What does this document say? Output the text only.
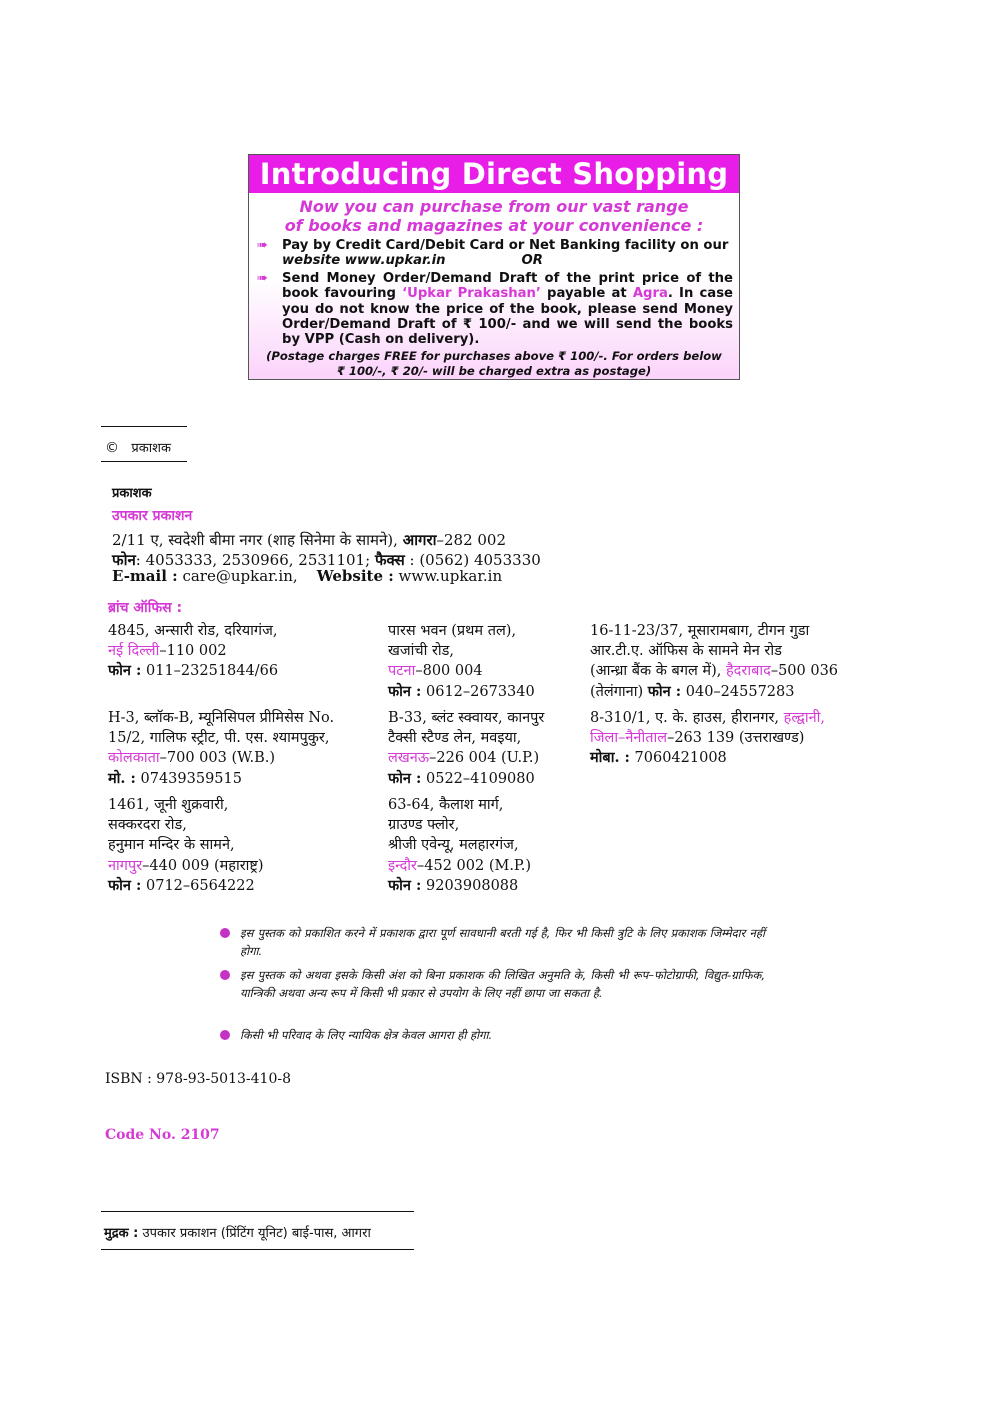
Introducing Direct Shopping
Now you can purchase from our vast range
of books and magazines at your convenience :
➠ Pay by Credit Card/Debit Card or Net Banking facility on our
website www.upkar.in	OR
➠ Send Money Order/Demand Draft of the print price of the book favouring ‘Upkar Prakashan’ payable at Agra. In case you do not know the price of the book, please send Money Order/Demand Draft of ₹ 100/- and we will send the books by VPP (Cash on delivery).
(Postage charges FREE for purchases above ₹ 100/-. For orders below
₹ 100/-, ₹ 20/- will be charged extra as postage)
© प्रकाशक
प्रकाशक
उपकार प्रकाशन
2/11 ए, स्वदेशी बीमा नगर (शाह सिनेमा के सामने), आगरा–282 002
फोन: 4053333, 2530966, 2531101; फैक्स : (0562) 4053330
E-mail : care@upkar.in, Website : www.upkar.in
ब्रांच ऑफिस :
4845, अन्सारी रोड, दरियागंज,
नई दिल्ली–110 002
फोन : 011–23251844/66
पारस भवन (प्रथम तल),
खजांची रोड,
पटना–800 004
फोन : 0612–2673340
16-11-23/37, मूसारामबाग, टीगन गुडा
आर.टी.ए. ऑफिस के सामने मेन रोड
(आन्ध्रा बैंक के बगल में), हैदराबाद–500 036
(तेलंगाना) फोन : 040–24557283
H-3, ब्लॉक-B, म्यूनिसिपल प्रीमिसेस No.
15/2, गालिफ स्ट्रीट, पी. एस. श्यामपुकुर,
कोलकाता–700 003 (W.B.)
मो. : 07439359515
B-33, ब्लंट स्क्वायर, कानपुर
टैक्सी स्टैण्ड लेन, मवइया,
लखनऊ–226 004 (U.P.)
फोन : 0522–4109080
8-310/1, ए. के. हाउस, हीरानगर, हल्द्वानी,
जिला–नैनीताल–263 139 (उत्तराखण्ड)
मोबा. : 7060421008
1461, जूनी शुक्रवारी,
सक्करदरा रोड,
हनुमान मन्दिर के सामने,
नागपुर–440 009 (महाराष्ट्र)
फोन : 0712–6564222
63-64, कैलाश मार्ग,
ग्राउण्ड फ्लोर,
श्रीजी एवेन्यू, मलहारगंज,
इन्दौर–452 002 (M.P.)
फोन : 9203908088
इस पुस्तक को प्रकाशित करने में प्रकाशक द्वारा पूर्ण सावधानी बरती गई है, फिर भी किसी त्रुटि के लिए प्रकाशक जिम्मेदार नहीं होगा.
इस पुस्तक को अथवा इसके किसी अंश को बिना प्रकाशक की लिखित अनुमति के, किसी भी रूप–फोटोग्राफी, विद्युत-ग्राफिक, यान्त्रिकी अथवा अन्य रूप में किसी भी प्रकार से उपयोग के लिए नहीं छापा जा सकता है.
किसी भी परिवाद के लिए न्यायिक क्षेत्र केवल आगरा ही होगा.
ISBN : 978-93-5013-410-8
Code No. 2107
मुद्रक : उपकार प्रकाशन (प्रिंटिंग यूनिट) बाई-पास, आगरा
